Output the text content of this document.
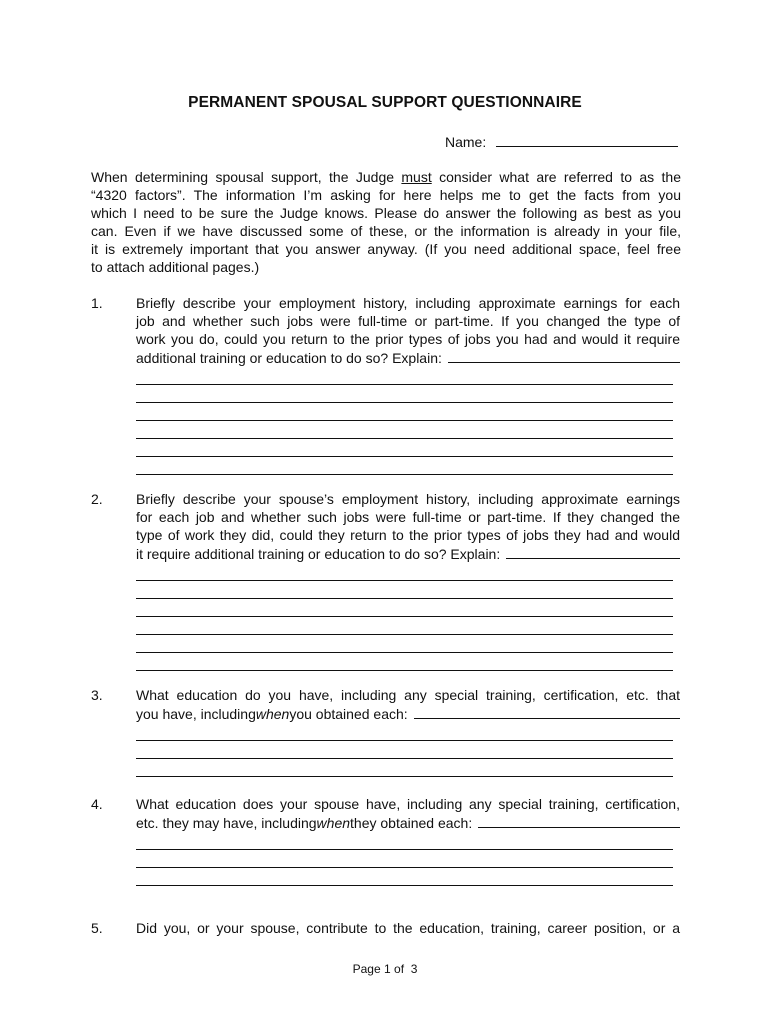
PERMANENT SPOUSAL SUPPORT QUESTIONNAIRE
Name:
When determining spousal support, the Judge must consider what are referred to as the
“4320 factors”. The information I’m asking for here helps me to get the facts from you
which I need to be sure the Judge knows. Please do answer the following as best as you
can. Even if we have discussed some of these, or the information is already in your file,
it is extremely important that you answer anyway. (If you need additional space, feel free
to attach additional pages.)
1.	Briefly describe your employment history, including approximate earnings for each
job and whether such jobs were full-time or part-time. If you changed the type of
work you do, could you return to the prior types of jobs you had and would it require
additional training or education to do so? Explain:
2.	Briefly describe your spouse’s employment history, including approximate earnings
for each job and whether such jobs were full-time or part-time. If they changed the
type of work they did, could they return to the prior types of jobs they had and would
it require additional training or education to do so? Explain:
3.	What education do you have, including any special training, certification, etc. that
you have, including when you obtained each:
4.	What education does your spouse have, including any special training, certification,
etc. they may have, including when they obtained each:
5.	Did you, or your spouse, contribute to the education, training, career position, or a
Page 1 of 3
